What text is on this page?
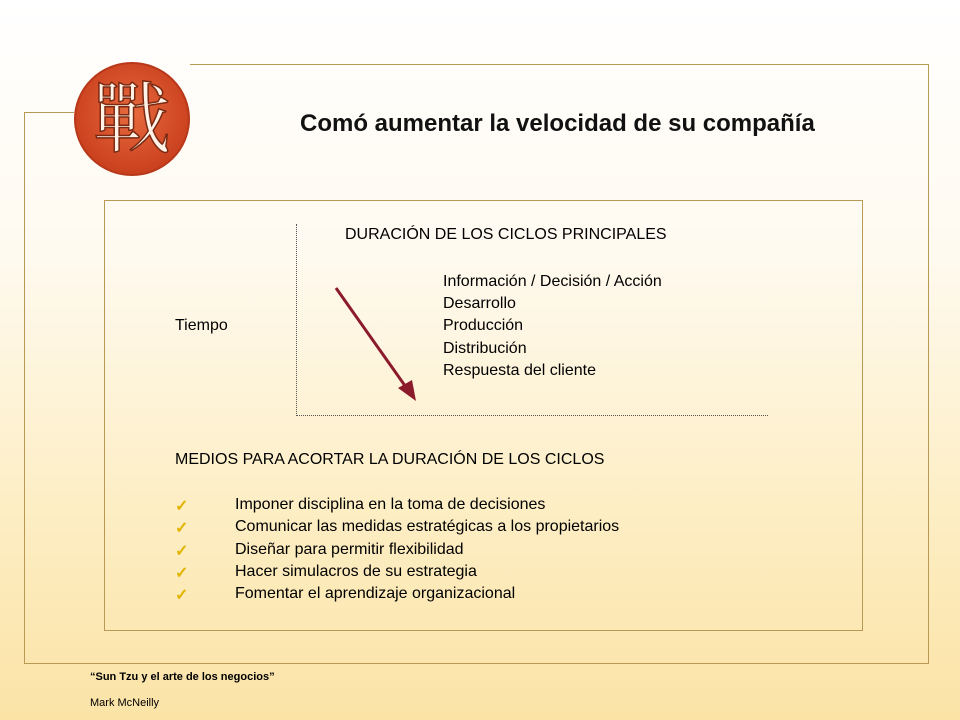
戰	Comó aumentar la velocidad de su compañía
DURACIÓN DE LOS CICLOS PRINCIPALES
Tiempo
Información / Decisión / Acción
Desarrollo
Producción
Distribución
Respuesta del cliente
MEDIOS PARA ACORTAR LA DURACIÓN DE LOS CICLOS
✓	Imponer disciplina en la toma de decisiones
✓	Comunicar las medidas estratégicas a los propietarios
✓	Diseñar para permitir flexibilidad
✓	Hacer simulacros de su estrategia
✓	Fomentar el aprendizaje organizacional
“Sun Tzu y el arte de los negocios”
Mark McNeilly
